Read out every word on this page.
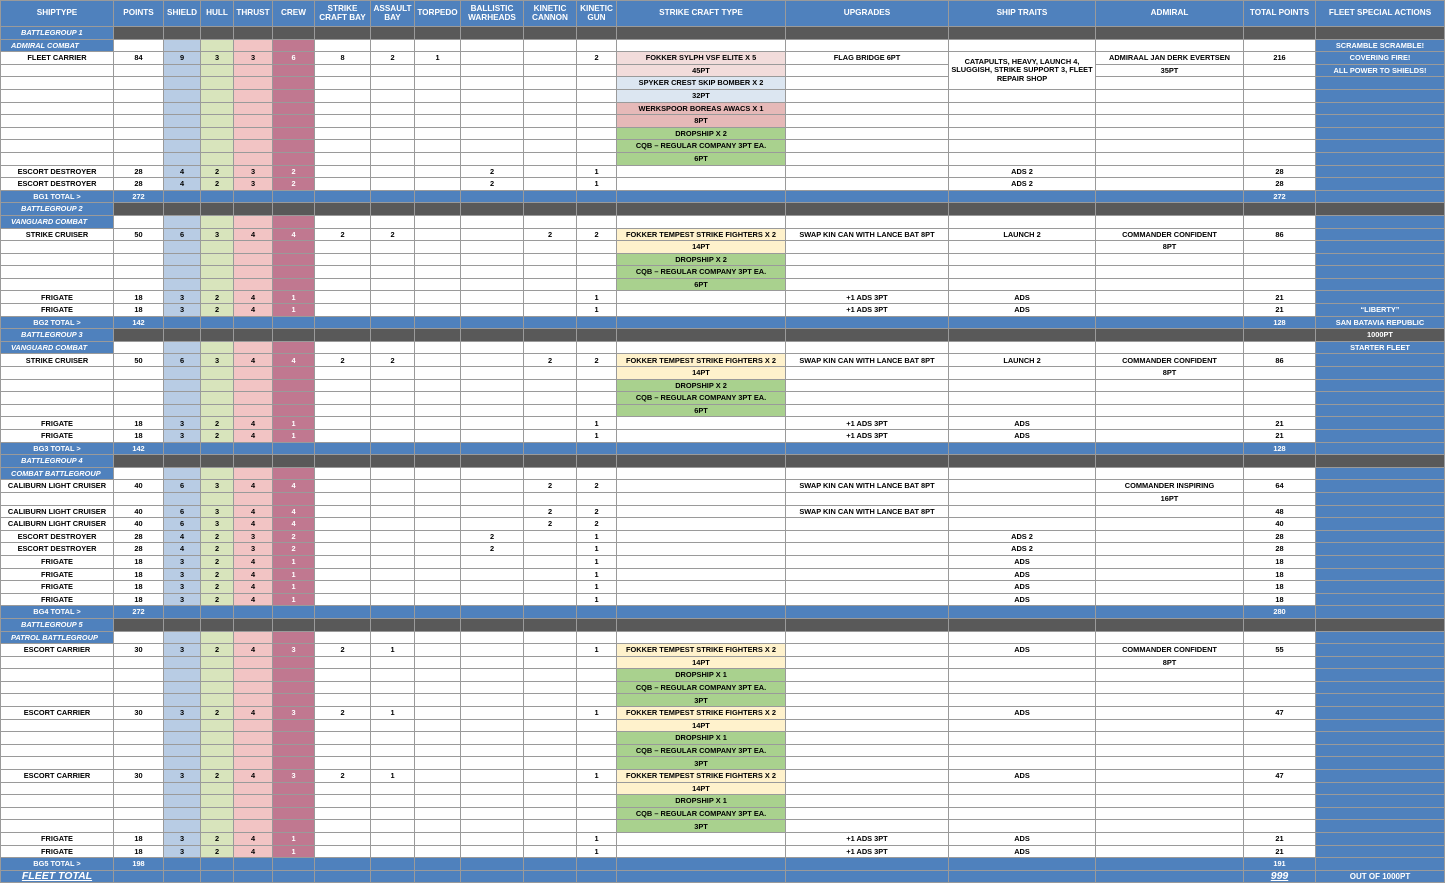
SHIPTYPE	POINTS	SHIELD	HULL	THRUST	CREW	STRIKE CRAFT BAY	ASSAULT BAY	TORPEDO	BALLISTIC WARHEADS	KINETIC CANNON	KINETIC GUN	STRIKE CRAFT TYPE	UPGRADES	SHIP TRAITS	ADMIRAL	TOTAL POINTS	FLEET SPECIAL ACTIONS
BATTLEGROUP 1																	
ADMIRAL COMBAT																	SCRAMBLE SCRAMBLE!
FLEET CARRIER	84	9	3	3	6	8	2	1			2	FOKKER SYLPH VSF ELITE X 5	FLAG BRIDGE 6PT	CATAPULTS, HEAVY, LAUNCH 4, SLUGGISH, STRIKE SUPPORT 3, FLEET REPAIR SHOP	ADMIRAAL JAN DERK EVERTSEN	216	COVERING FIRE!
												45PT			35PT		ALL POWER TO SHIELDS!
												SPYKER CREST SKIP BOMBER X 2					
												32PT					
												WERKSPOOR BOREAS AWACS X 1					
												8PT					
												DROPSHIP X 2					
												CQB – REGULAR COMPANY 3PT EA.					
												6PT					
ESCORT DESTROYER	28	4	2	3	2				2		1			ADS 2		28	
ESCORT DESTROYER	28	4	2	3	2				2		1			ADS 2		28	
BG1 TOTAL >	272															272	
BATTLEGROUP 2																	
VANGUARD COMBAT																	
STRIKE CRUISER	50	6	3	4	4	2	2			2	2	FOKKER TEMPEST STRIKE FIGHTERS X 2	SWAP KIN CAN WITH LANCE BAT 8PT	LAUNCH 2	COMMANDER CONFIDENT	86	
												14PT			8PT		
												DROPSHIP X 2					
												CQB – REGULAR COMPANY 3PT EA.					
												6PT					
FRIGATE	18	3	2	4	1						1		+1 ADS 3PT	ADS		21	
FRIGATE	18	3	2	4	1						1		+1 ADS 3PT	ADS		21	“LIBERTY”
BG2 TOTAL >	142															128	SAN BATAVIA REPUBLIC
BATTLEGROUP 3																	1000PT
VANGUARD COMBAT																	STARTER FLEET
STRIKE CRUISER	50	6	3	4	4	2	2			2	2	FOKKER TEMPEST STRIKE FIGHTERS X 2	SWAP KIN CAN WITH LANCE BAT 8PT	LAUNCH 2	COMMANDER CONFIDENT	86	
												14PT			8PT		
												DROPSHIP X 2					
												CQB – REGULAR COMPANY 3PT EA.					
												6PT					
FRIGATE	18	3	2	4	1						1		+1 ADS 3PT	ADS		21	
FRIGATE	18	3	2	4	1						1		+1 ADS 3PT	ADS		21	
BG3 TOTAL >	142															128	
BATTLEGROUP 4																	
COMBAT BATTLEGROUP																	
CALIBURN LIGHT CRUISER	40	6	3	4	4					2	2		SWAP KIN CAN WITH LANCE BAT 8PT		COMMANDER INSPIRING	64	
															16PT		
CALIBURN LIGHT CRUISER	40	6	3	4	4					2	2		SWAP KIN CAN WITH LANCE BAT 8PT			48	
CALIBURN LIGHT CRUISER	40	6	3	4	4					2	2					40	
ESCORT DESTROYER	28	4	2	3	2				2		1			ADS 2		28	
ESCORT DESTROYER	28	4	2	3	2				2		1			ADS 2		28	
FRIGATE	18	3	2	4	1						1			ADS		18	
FRIGATE	18	3	2	4	1						1			ADS		18	
FRIGATE	18	3	2	4	1						1			ADS		18	
FRIGATE	18	3	2	4	1						1			ADS		18	
BG4 TOTAL >	272															280	
BATTLEGROUP 5																	
PATROL BATTLEGROUP																	
ESCORT CARRIER	30	3	2	4	3	2	1				1	FOKKER TEMPEST STRIKE FIGHTERS X 2		ADS	COMMANDER CONFIDENT	55	
												14PT			8PT		
												DROPSHIP X 1					
												CQB – REGULAR COMPANY 3PT EA.					
												3PT					
ESCORT CARRIER	30	3	2	4	3	2	1				1	FOKKER TEMPEST STRIKE FIGHTERS X 2		ADS		47	
												14PT					
												DROPSHIP X 1					
												CQB – REGULAR COMPANY 3PT EA.					
												3PT					
ESCORT CARRIER	30	3	2	4	3	2	1				1	FOKKER TEMPEST STRIKE FIGHTERS X 2		ADS		47	
												14PT					
												DROPSHIP X 1					
												CQB – REGULAR COMPANY 3PT EA.					
												3PT					
FRIGATE	18	3	2	4	1						1		+1 ADS 3PT	ADS		21	
FRIGATE	18	3	2	4	1						1		+1 ADS 3PT	ADS		21	
BG5 TOTAL >	198															191	
FLEET TOTAL																999	OUT OF 1000PT
